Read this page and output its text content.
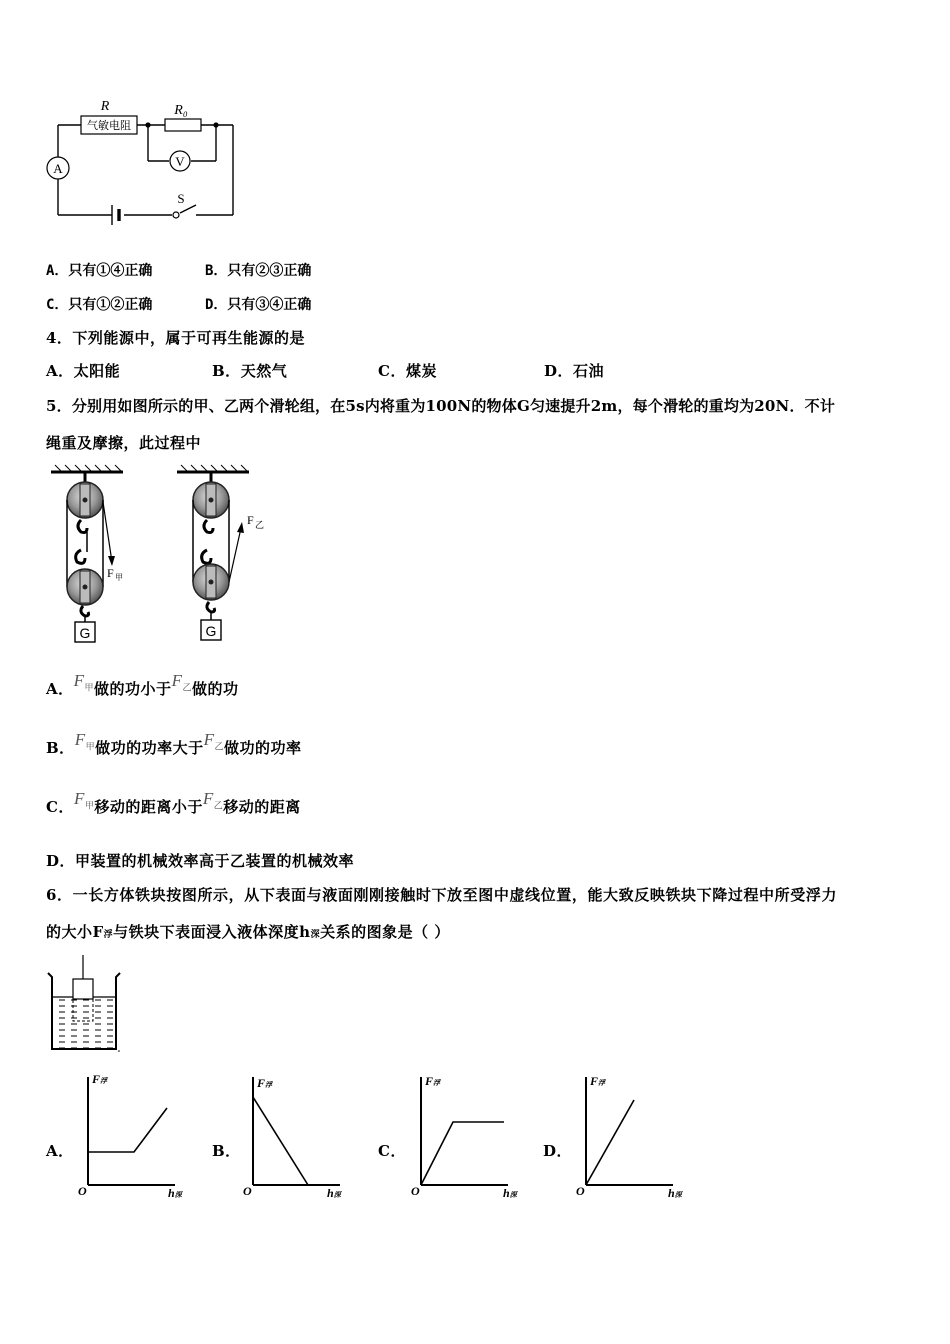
气敏电阻
R	R₀
V
A
S
A．只有①④正确	B．只有②③正确
C．只有①②正确	D．只有③④正确
4．下列能源中，属于可再生能源的是
A．太阳能	B．天然气	C．煤炭	D．石油
5．分别用如图所示的甲、乙两个滑轮组，在5s内将重为100N的物体G匀速提升2m，每个滑轮的重均为20N．不计
绳重及摩擦，此过程中
F 甲
G
F 乙
G
A．$F_甲$做的功小于$F_乙$做的功
B．$F_甲$做功的功率大于$F_乙$做功的功率
C．$F_甲$移动的距离小于$F_乙$移动的距离
D．甲装置的机械效率高于乙装置的机械效率
6．一长方体铁块按图所示，从下表面与液面刚刚接触时下放至图中虚线位置，能大致反映铁块下降过程中所受浮力
的大小F浮与铁块下表面浸入液体深度h深关系的图象是（ ）
A．	B．	C．	D．
F浮
O	h深
F浮
O	h深
F浮
O	h深
F浮
O	h深
